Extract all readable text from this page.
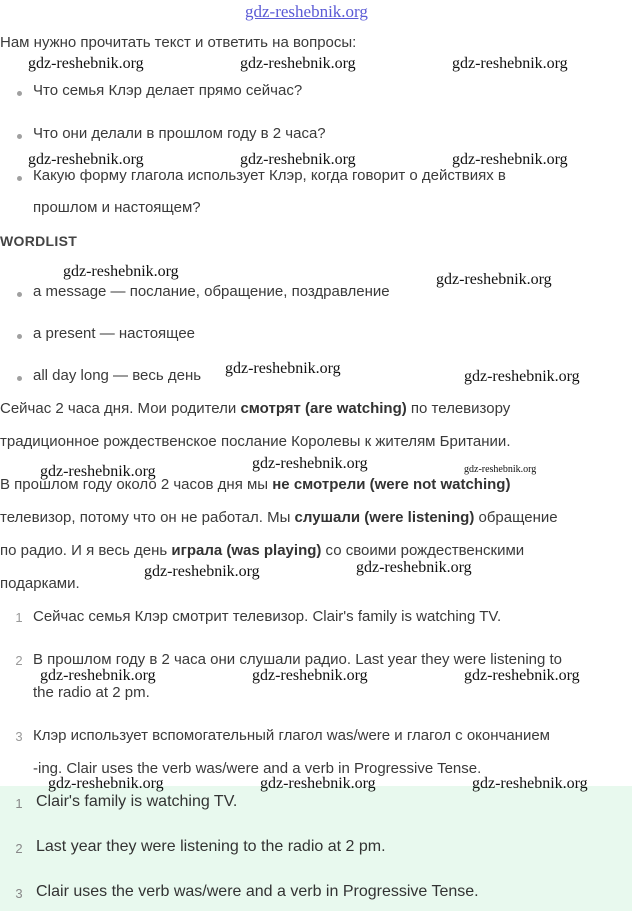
gdz-reshebnik.org
Нам нужно прочитать текст и ответить на вопросы:
Что семья Клэр делает прямо сейчас?
Что они делали в прошлом году в 2 часа?
Какую форму глагола использует Клэр, когда говорит о действиях в
прошлом и настоящем?
WORDLIST
a message — послание, обращение, поздравление
a present — настоящее
all day long — весь день
Сейчас 2 часа дня. Мои родители смотрят (are watching) по телевизору
традиционное рождественское послание Королевы к жителям Британии.
В прошлом году около 2 часов дня мы не смотрели (were not watching)
телевизор, потому что он не работал. Мы слушали (were listening) обращение
по радио. И я весь день играла (was playing) со своими рождественскими
подарками.
1 Сейчас семья Клэр смотрит телевизор. Clair's family is watching TV.
2 В прошлом году в 2 часа они слушали радио. Last year they were listening to
the radio at 2 pm.
3 Клэр использует вспомогательный глагол was/were и глагол с окончанием
-ing. Clair uses the verb was/were and a verb in Progressive Tense.
1 Clair's family is watching TV.
2 Last year they were listening to the radio at 2 pm.
3 Clair uses the verb was/were and a verb in Progressive Tense.
gdz-reshebnik.org	gdz-reshebnik.org	gdz-reshebnik.org
gdz-reshebnik.org	gdz-reshebnik.org	gdz-reshebnik.org
gdz-reshebnik.org	gdz-reshebnik.org
gdz-reshebnik.org	gdz-reshebnik.org
gdz-reshebnik.org	gdz-reshebnik.org	gdz-reshebnik.org
gdz-reshebnik.org	gdz-reshebnik.org
gdz-reshebnik.org	gdz-reshebnik.org	gdz-reshebnik.org
gdz-reshebnik.org	gdz-reshebnik.org	gdz-reshebnik.org
